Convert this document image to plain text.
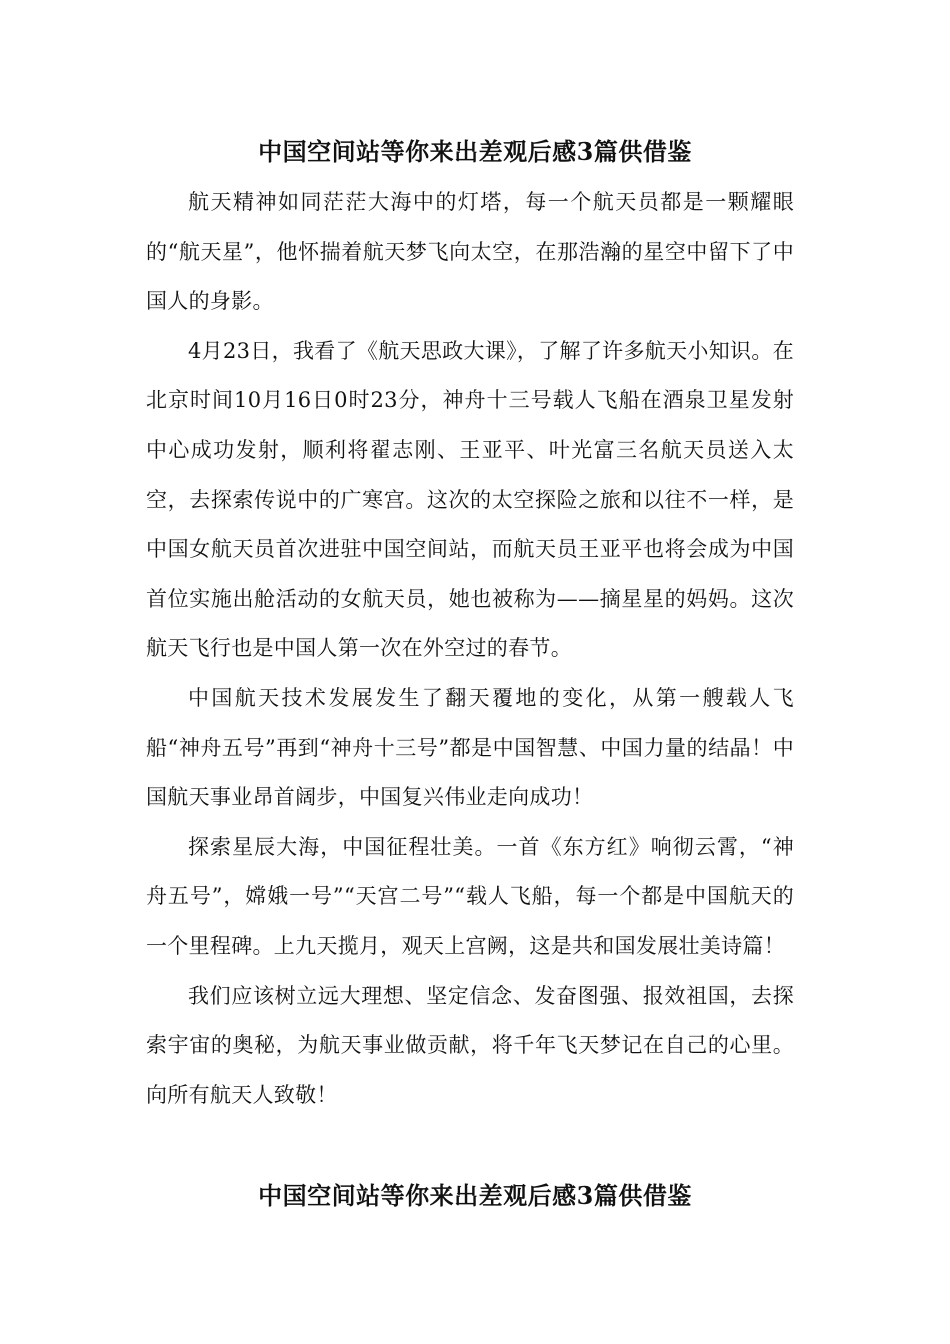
中国空间站等你来出差观后感3篇供借鉴

航天精神如同茫茫大海中的灯塔，每一个航天员都是一颗耀眼的“航天星”，他怀揣着航天梦飞向太空，在那浩瀚的星空中留下了中国人的身影。

4月23日，我看了《航天思政大课》，了解了许多航天小知识。在北京时间10月16日0时23分，神舟十三号载人飞船在酒泉卫星发射中心成功发射，顺利将翟志刚、王亚平、叶光富三名航天员送入太空，去探索传说中的广寒宫。这次的太空探险之旅和以往不一样，是中国女航天员首次进驻中国空间站，而航天员王亚平也将会成为中国首位实施出舱活动的女航天员，她也被称为——摘星星的妈妈。这次航天飞行也是中国人第一次在外空过的春节。

中国航天技术发展发生了翻天覆地的变化，从第一艘载人飞船“神舟五号”再到“神舟十三号”都是中国智慧、中国力量的结晶！中国航天事业昂首阔步，中国复兴伟业走向成功！

探索星辰大海，中国征程壮美。一首《东方红》响彻云霄，“神舟五号”，嫦娥一号”“天宫二号”“载人飞船，每一个都是中国航天的一个里程碑。上九天揽月，观天上宫阙，这是共和国发展壮美诗篇！

我们应该树立远大理想、坚定信念、发奋图强、报效祖国，去探索宇宙的奥秘，为航天事业做贡献，将千年飞天梦记在自己的心里。向所有航天人致敬！

中国空间站等你来出差观后感3篇供借鉴
